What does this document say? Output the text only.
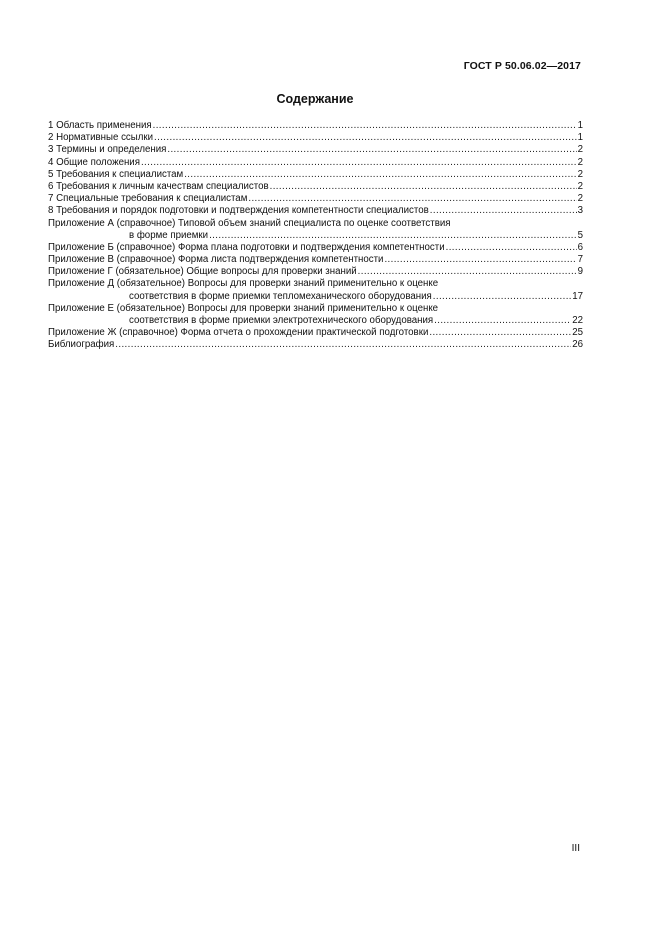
ГОСТ Р 50.06.02—2017
Содержание
1 Область применения .....	1
2 Нормативные ссылки .....	1
3 Термины и определения .....	2
4 Общие положения .....	2
5 Требования к специалистам .....	2
6 Требования к личным качествам специалистов .....	2
7 Специальные требования к специалистам .....	2
8 Требования и порядок подготовки и подтверждения компетентности специалистов .....	3
Приложение А (справочное) Типовой объем знаний специалиста по оценке соответствия
в форме приемки .....	5
Приложение Б (справочное) Форма плана подготовки и подтверждения компетентности .....	6
Приложение В (справочное) Форма листа подтверждения компетентности .....	7
Приложение Г (обязательное) Общие вопросы для проверки знаний .....	9
Приложение Д (обязательное) Вопросы для проверки знаний применительно к оценке
соответствия в форме приемки тепломеханического оборудования .....	17
Приложение Е (обязательное) Вопросы для проверки знаний применительно к оценке
соответствия в форме приемки электротехнического оборудования .....	22
Приложение Ж (справочное) Форма отчета о прохождении практической подготовки .....	25
Библиография .....	26
III
